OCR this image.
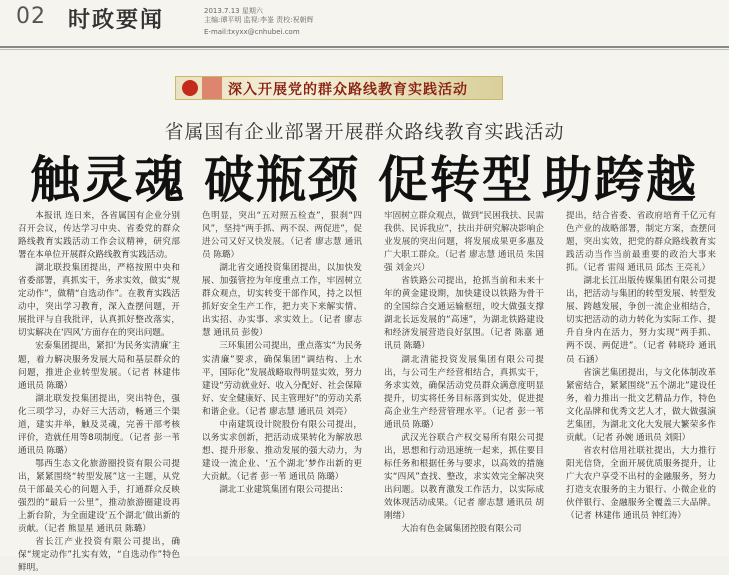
02 时政要闻	2013.7.13 星期六
主编:谭平明 监视:李崟 责校:祝朝辉
E-mail:txyxx@cnhubei.com
深入开展党的群众路线教育实践活动
省属国有企业部署开展群众路线教育实践活动
触灵魂 破瓶颈 促转型 助跨越

本报讯 连日来，各省属国有企业分别召开会议，传达学习中央、省委党的群众路线教育实践活动工作会议精神，研究部署在本单位开展群众路线教育实践活动。

湖北联投集团提出，严格按照中央和省委部署，真抓实干，务求实效，做实“规定动作”，做精“自选动作”。在教育实践活动中，突出学习教育，深入查摆问题，开展批评与自我批评，认真抓好整改落实，切实解决在‘四风’方面存在的突出问题。

宏泰集团提出，紧扣‘为民务实清廉’主题，着力解决服务发展大局和基层群众的问题，推进企业转型发展。（记者 林建伟 通讯员 陈璐）

湖北联发投集团提出，突出特色，强化三项学习，办好三大活动，畅通三个渠道，建实并举，触及灵魂，完善干部考核评价，造就任用等8项制度。（记者 彭一苇 通讯员 陈璐）

鄂西生态文化旅游圈投资有限公司提出，紧紧围绕“转型发展”这一主题，从党员干部最关心的问题入手，打通群众反映强烈的“最后一公里”，推动旅游圈建设再上新台阶，为全面建设‘五个湖北’做出新的贡献。（记者 熊显星 通讯员 陈璐）

省长江产业投资有限公司提出，确保“规定动作”扎实有效，“自选动作”特色鲜明。

色明显，突出“五对照五检查”，狠刹“四风”，坚持“两手抓、两不误、两促进”，促进公司又好又快发展。（记者 廖志慧 通讯员 陈璐）

湖北省交通投资集团提出，以加快发展、加强管控为年度重点工作，牢固树立群众观点，切实转变干部作风，持之以恒抓好安全生产工作，把力夹下来解实情、出实招、办实事、求实效上。（记者 廖志慧 通讯员 彭俊）

三环集团公司提出，重点落实“为民务实清廉”要求，确保集团“调结构、上水平，国际化”发展战略取得明显实效，努力建设“劳动就业好、收入分配好、社会保障好、安全健康好、民主管理好”的劳动关系和谐企业。（记者 廖志慧 通讯员 刘亮）

中南建筑设计院股份有限公司提出，以务实求创新，把活动成果转化为解放思想、提升形象、推动发展的强大动力，为建设一流企业、‘五个湖北’梦作出新的更大贡献。（记者 彭一苇 通讯员 陈璐）

湖北工业建筑集团有限公司提出：

牢固树立群众观点，做到“民困我扶、民需我供、民诉我应”，扶出并研究解决影响企业发展的突出问题，将发展成果更多惠及广大职工群众。（记者 廖志慧 通讯员 朱国强 刘金兴）

省铁路公司提出，抢抓当前和未来十年的黄金建设期，加快建设以铁路为骨干的全国综合交通运输枢纽，咬大做强支撑湖北长远发展的“高速”，为湖北铁路建设和经济发展营造良好氛围。（记者 陈嘉 通讯员 陈璐）

湖北清能投资发展集团有限公司提出，与公司生产经营相结合，真抓实干，务求实效，确保活动党员群众满意度明显提升，切实将任务目标落到实处，促进提高企业生产经营管理水平。（记者 彭一苇 通讯员 陈璐）

武汉光谷联合产权交易所有限公司提出，思想和行动迅速统一起来，抓住要目标任务和根据任务与要求，以高效的措施实“四风”查找、整改，求实效完全解决突出问题。以教育激发工作活力，以实际成效体现活动成果。（记者 廖志慧 通讯员 胡刚绪）

大冶有色金属集团控股有限公司

提出，结合省委、省政府培育千亿元有色产业的战略部署，制定方案，查摆问题，突出实效，把党的群众路线教育实践活动当作当前最重要的政治大事来抓。（记者 雷闯 通讯员 邱杰 王亮礼）

湖北长江出版传媒集团有限公司提出，把活动与集团的转型发展、转型发展、跨越发展，争创一流企业相结合，切实把活动的动力转化为实际工作、提升自身内在活力，努力实现“两手抓、两不误、两促进”。（记者 韩晓玲 通讯员 石涵）

省演艺集团提出，与文化体制改革紧密结合，紧紧围绕“五个湖北”建设任务，着力推出一批文艺精品力作，特色文化品牌和优秀文艺人才，做大做强演艺集团，为湖北文化大发展大繁荣多作贡献。（记者 孙婉 通讯员 刘阳）

省农村信用社联社提出，大力推行阳光信贷，全面开展优质服务提升，让广大农户享受不出村的金融服务，努力打造支农服务的主力银行、小微企业的伙伴银行、金融服务全覆盖三大品牌。（记者 林建伟 通讯员 钟红涛）
